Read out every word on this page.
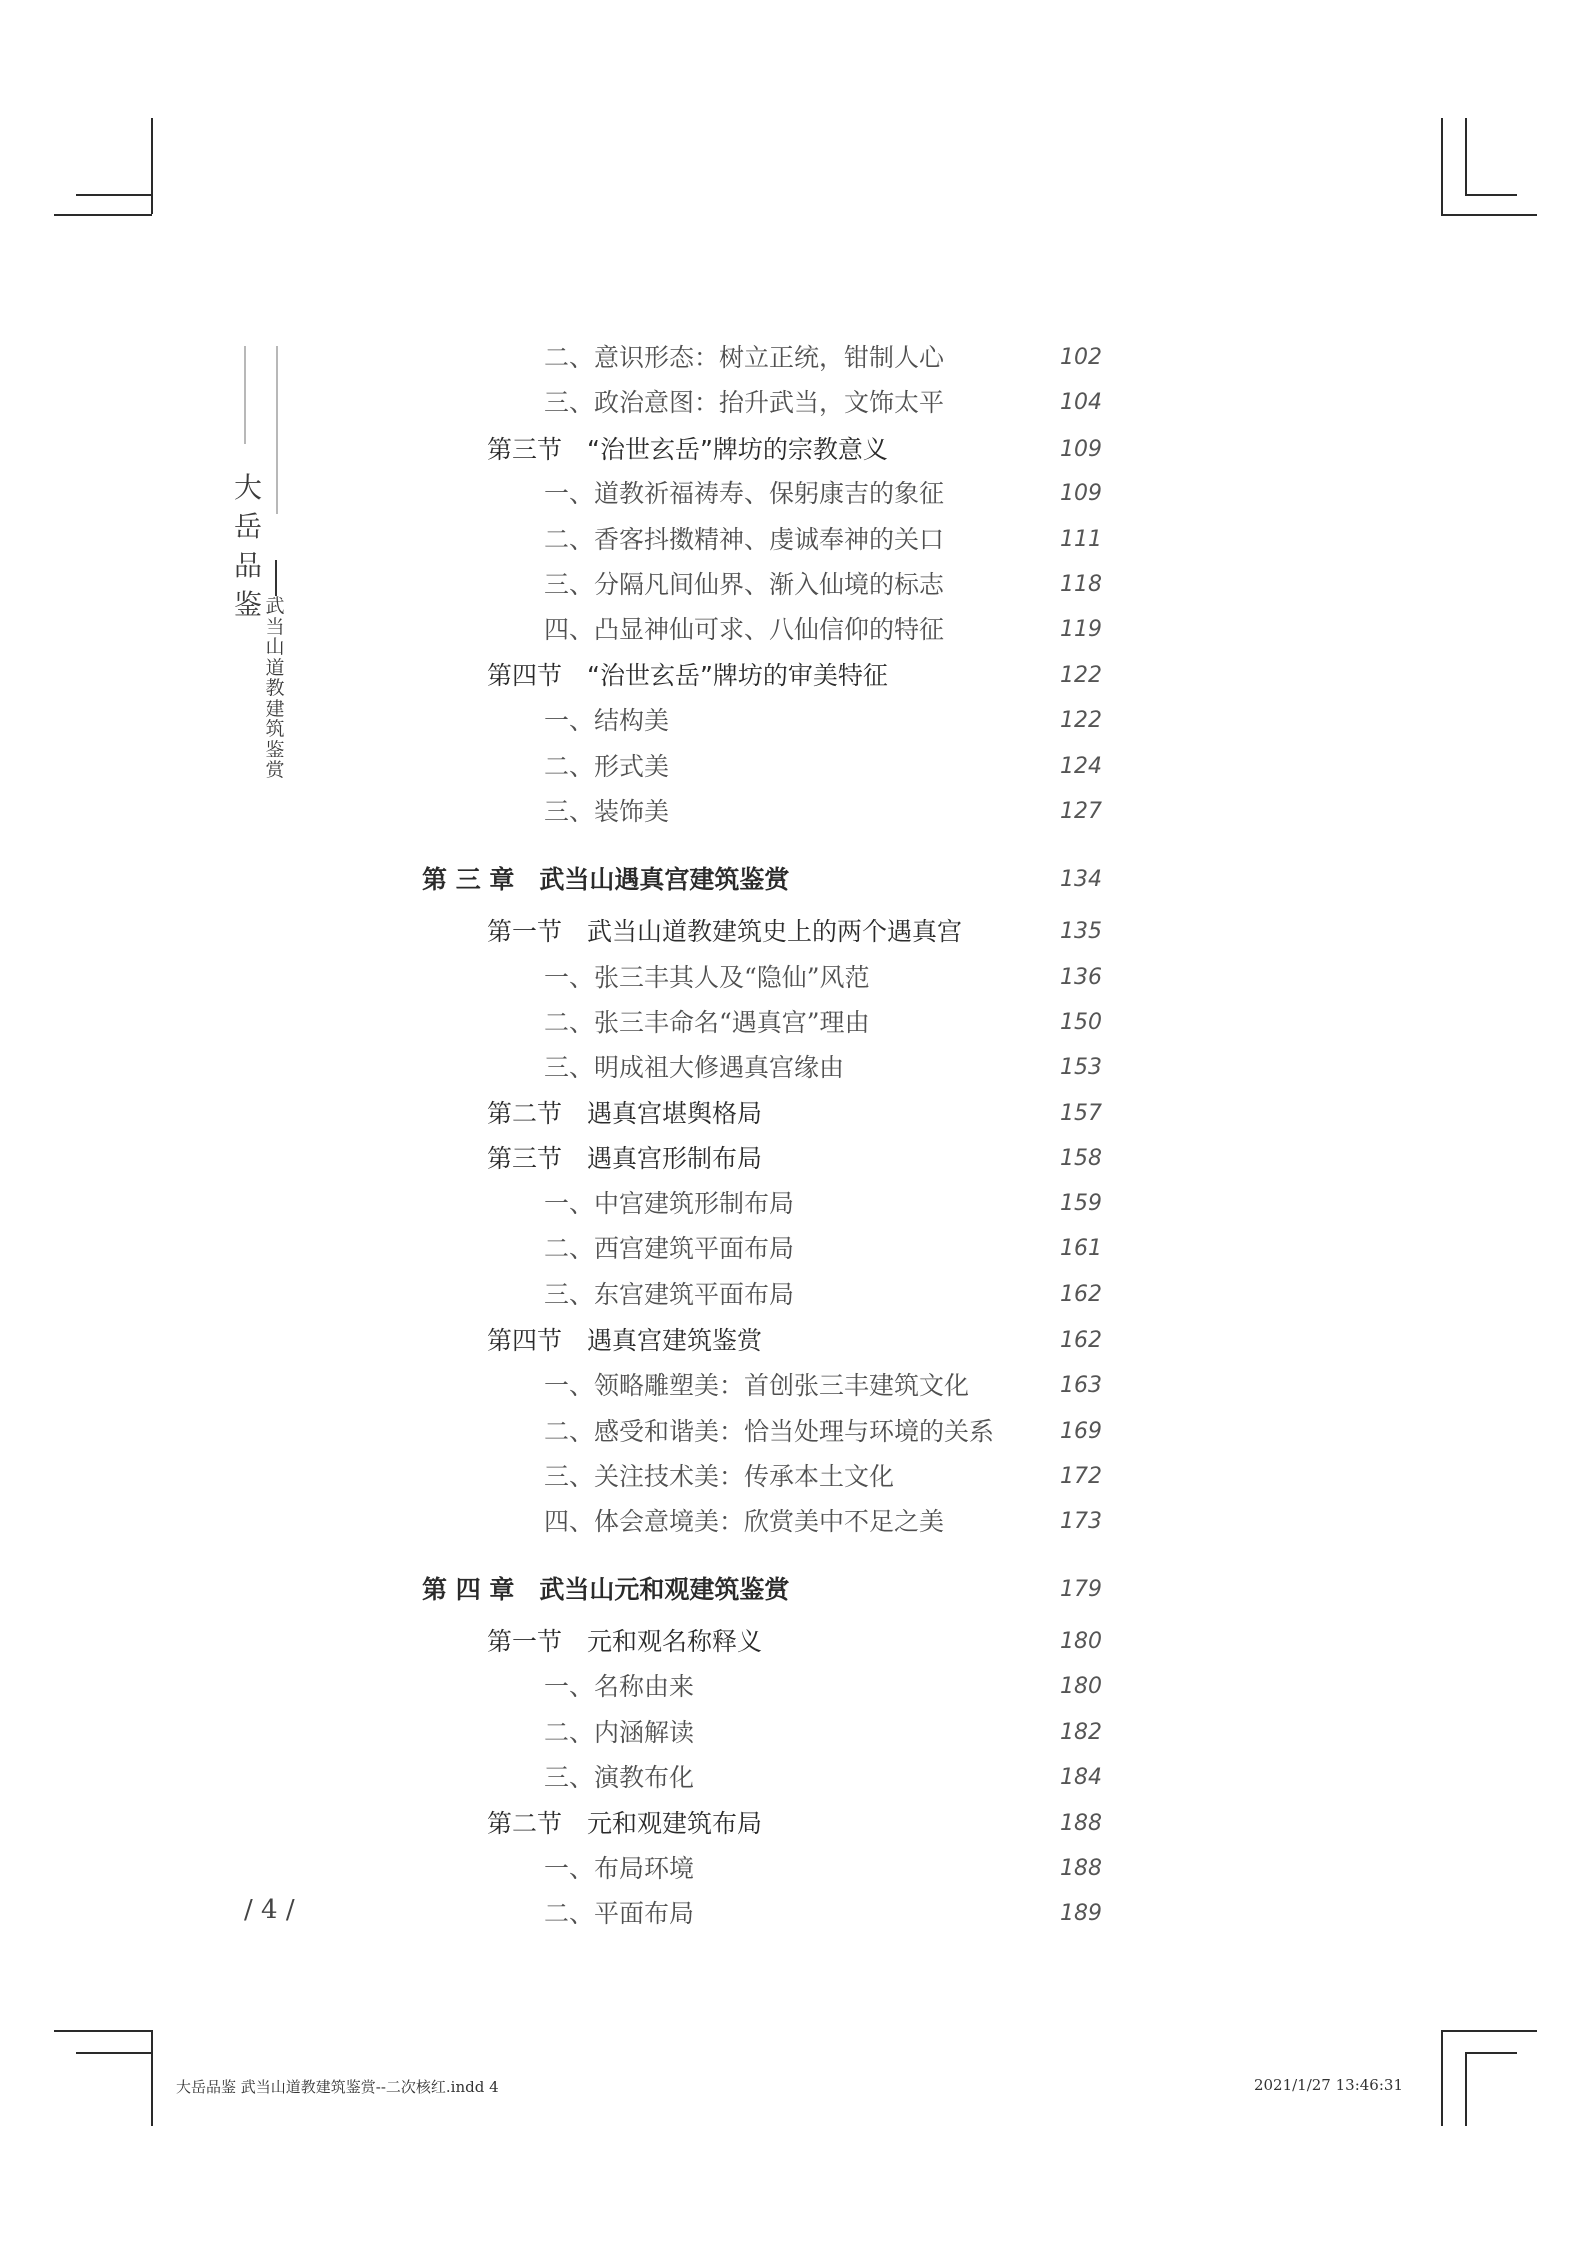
大
岳
品
鉴 武
当
山
道
教
建
筑
鉴
赏
二、意识形态：树立正统，钳制人心	102
三、政治意图：抬升武当，文饰太平	104
第三节　“治世玄岳”牌坊的宗教意义	109
一、道教祈福祷寿、保躬康吉的象征	109
二、香客抖擞精神、虔诚奉神的关口	111
三、分隔凡间仙界、渐入仙境的标志	118
四、凸显神仙可求、八仙信仰的特征	119
第四节　“治世玄岳”牌坊的审美特征	122
一、结构美	122
二、形式美	124
三、装饰美	127
第 三 章　武当山遇真宫建筑鉴赏	134
第一节　武当山道教建筑史上的两个遇真宫	135
一、张三丰其人及“隐仙”风范	136
二、张三丰命名“遇真宫”理由	150
三、明成祖大修遇真宫缘由	153
第二节　遇真宫堪舆格局	157
第三节　遇真宫形制布局	158
一、中宫建筑形制布局	159
二、西宫建筑平面布局	161
三、东宫建筑平面布局	162
第四节　遇真宫建筑鉴赏	162
一、领略雕塑美：首创张三丰建筑文化	163
二、感受和谐美：恰当处理与环境的关系	169
三、关注技术美：传承本土文化	172
四、体会意境美：欣赏美中不足之美	173
第 四 章　武当山元和观建筑鉴赏	179
第一节　元和观名称释义	180
一、名称由来	180
二、内涵解读	182
三、演教布化	184
第二节　元和观建筑布局	188
一、布局环境	188
二、平面布局	189
/ 4 /
大岳品鉴 武当山道教建筑鉴赏--二次核红.indd 4	2021/1/27 13:46:31
